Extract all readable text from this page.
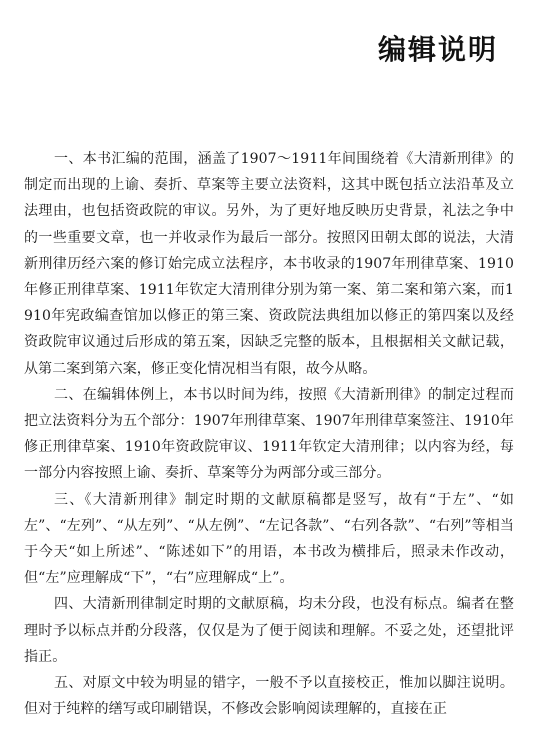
编辑说明

一、本书汇编的范围，涵盖了1907～1911年间围绕着《大清新刑律》的制定而出现的上谕、奏折、草案等主要立法资料，这其中既包括立法沿革及立法理由，也包括资政院的审议。另外，为了更好地反映历史背景，礼法之争中的一些重要文章，也一并收录作为最后一部分。按照冈田朝太郎的说法，大清新刑律历经六案的修订始完成立法程序，本书收录的1907年刑律草案、1910年修正刑律草案、1911年钦定大清刑律分别为第一案、第二案和第六案，而1910年宪政编查馆加以修正的第三案、资政院法典组加以修正的第四案以及经资政院审议通过后形成的第五案，因缺乏完整的版本，且根据相关文献记载，从第二案到第六案，修正变化情况相当有限，故今从略。

二、在编辑体例上，本书以时间为纬，按照《大清新刑律》的制定过程而把立法资料分为五个部分：1907年刑律草案、1907年刑律草案签注、1910年修正刑律草案、1910年资政院审议、1911年钦定大清刑律；以内容为经，每一部分内容按照上谕、奏折、草案等分为两部分或三部分。

三、《大清新刑律》制定时期的文献原稿都是竖写，故有“于左”、“如左”、“左列”、“从左列”、“从左例”、“左记各款”、“右列各款”、“右列”等相当于今天“如上所述”、“陈述如下”的用语，本书改为横排后，照录未作改动，但“左”应理解成“下”，“右”应理解成“上”。

四、大清新刑律制定时期的文献原稿，均未分段，也没有标点。编者在整理时予以标点并酌分段落，仅仅是为了便于阅读和理解。不妥之处，还望批评指正。

五、对原文中较为明显的错字，一般不予以直接校正，惟加以脚注说明。但对于纯粹的缮写或印刷错误，不修改会影响阅读理解的，直接在正
